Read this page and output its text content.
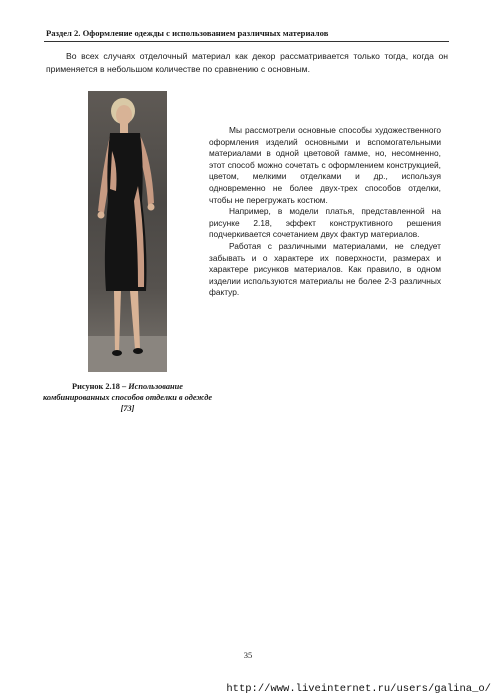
Раздел 2. Оформление одежды с использованием различных материалов

Во всех случаях отделочный материал как декор рассматривается только тогда, когда он применяется в небольшом количестве по сравнению с основным.

Рисунок 2.18 – Использование комбинированных способов отделки в одежде [73]

Мы рассмотрели основные способы художественного оформления изделий основными и вспомогательными материалами в одной цветовой гамме, но, несомненно, этот способ можно сочетать с оформлением конструкцией, цветом, мелкими отделками и др., используя одновременно не более двух-трех способов отделки, чтобы не перегружать костюм.

Например, в модели платья, представленной на рисунке 2.18, эффект конструктивного решения подчеркивается сочетанием двух фактур материалов.

Работая с различными материалами, не следует забывать и о характере их поверхности, размерах и характере рисунков материалов. Как правило, в одном изделии используются материалы не более 2-3 различных фактур.

35
http://www.liveinternet.ru/users/galina_o/
